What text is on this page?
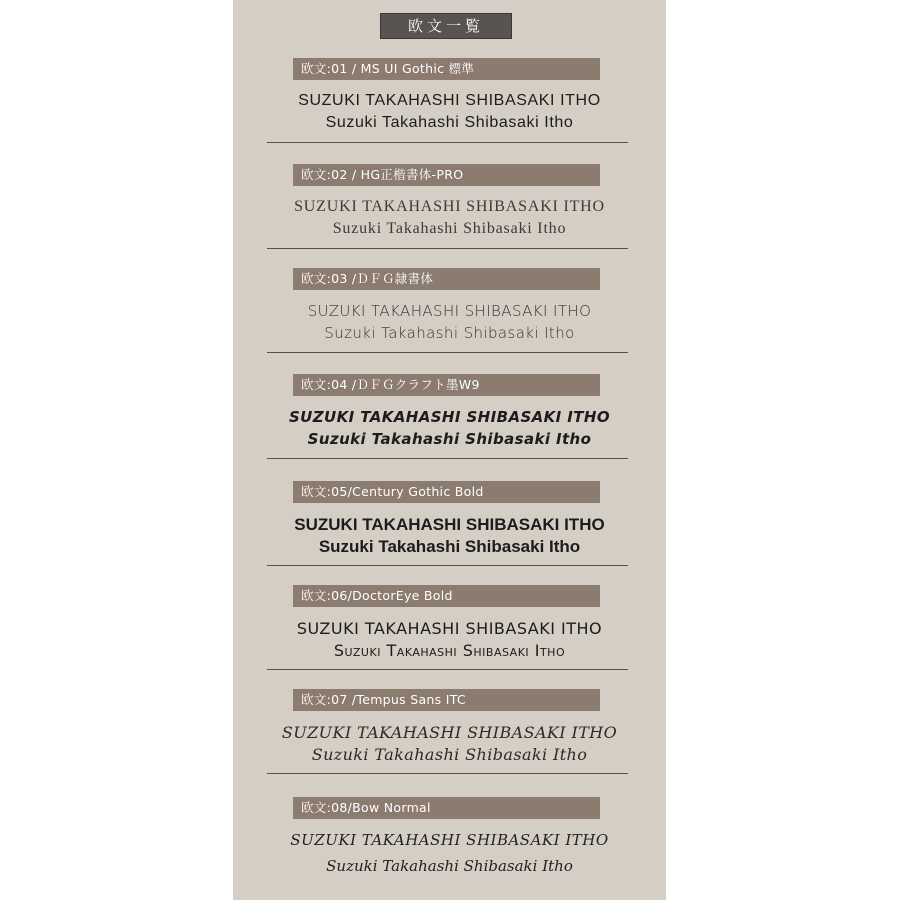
欧文一覧
欧文:01 / MS UI Gothic 標準
SUZUKI TAKAHASHI SHIBASAKI ITHO
Suzuki Takahashi Shibasaki Itho
欧文:02 / HG正楷書体-PRO
SUZUKI TAKAHASHI SHIBASAKI ITHO
Suzuki Takahashi Shibasaki Itho
欧文:03 /ＤＦＧ隷書体
SUZUKI TAKAHASHI SHIBASAKI ITHO
Suzuki Takahashi Shibasaki Itho
欧文:04 /ＤＦＧクラフト墨W9
SUZUKI TAKAHASHI SHIBASAKI ITHO
Suzuki Takahashi Shibasaki Itho
欧文:05/Century Gothic Bold
SUZUKI TAKAHASHI SHIBASAKI ITHO
Suzuki Takahashi Shibasaki Itho
欧文:06/DoctorEye Bold
SUZUKI TAKAHASHI SHIBASAKI ITHO
Suzuki Takahashi Shibasaki Itho
欧文:07 /Tempus Sans ITC
SUZUKI TAKAHASHI SHIBASAKI ITHO
Suzuki Takahashi Shibasaki Itho
欧文:08/Bow Normal
SUZUKI TAKAHASHI SHIBASAKI ITHO
Suzuki Takahashi Shibasaki Itho
